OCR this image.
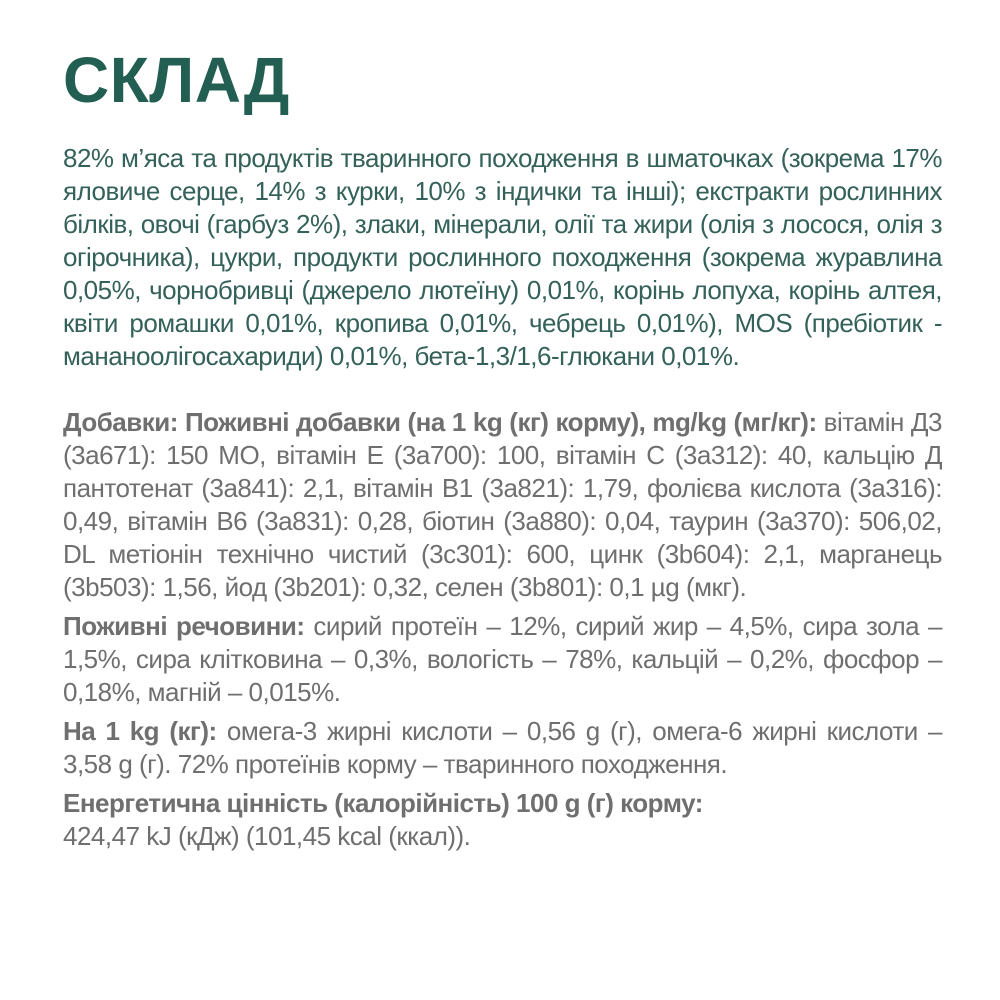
СКЛАД

82% м’яса та продуктів тваринного походження в шматочках (зокрема 17% яловиче серце, 14% з курки, 10% з індички та інші); екстракти рослинних білків, овочі (гарбуз 2%), злаки, мінерали, олії та жири (олія з лосося, олія з огірочника), цукри, продукти рослинного походження (зокрема журавлина 0,05%, чорнобривці (джерело лютеїну) 0,01%, корінь лопуха, корінь алтея, квіти ромашки 0,01%, кропива 0,01%, чебрець 0,01%), MOS (пребіотик - мананоолігосахариди) 0,01%, бета-1,3/1,6-глюкани 0,01%.

Добавки: Поживні добавки (на 1 kg (кг) корму), mg/kg (мг/кг): вітамін Д3 (3а671): 150 МО, вітамін Е (3а700): 100, вітамін С (3а312): 40, кальцію Д пантотенат (3а841): 2,1, вітамін В1 (3а821): 1,79, фолієва кислота (3а316): 0,49, вітамін В6 (3а831): 0,28, біотин (3а880): 0,04, таурин (3а370): 506,02, DL метіонін технічно чистий (3с301): 600, цинк (3b604): 2,1, марганець (3b503): 1,56, йод (3b201): 0,32, селен (3b801): 0,1 µg (мкг).

Поживні речовини: сирий протеїн – 12%, сирий жир – 4,5%, сира зола – 1,5%, сира клітковина – 0,3%, вологість – 78%, кальцій – 0,2%, фосфор – 0,18%, магній – 0,015%.

На 1 kg (кг): омега-3 жирні кислоти – 0,56 g (г), омега-6 жирні кислоти – 3,58 g (г). 72% протеїнів корму – тваринного походження.

Енергетична цінність (калорійність) 100 g (г) корму:
424,47 kJ (кДж) (101,45 kcal (ккал)).
